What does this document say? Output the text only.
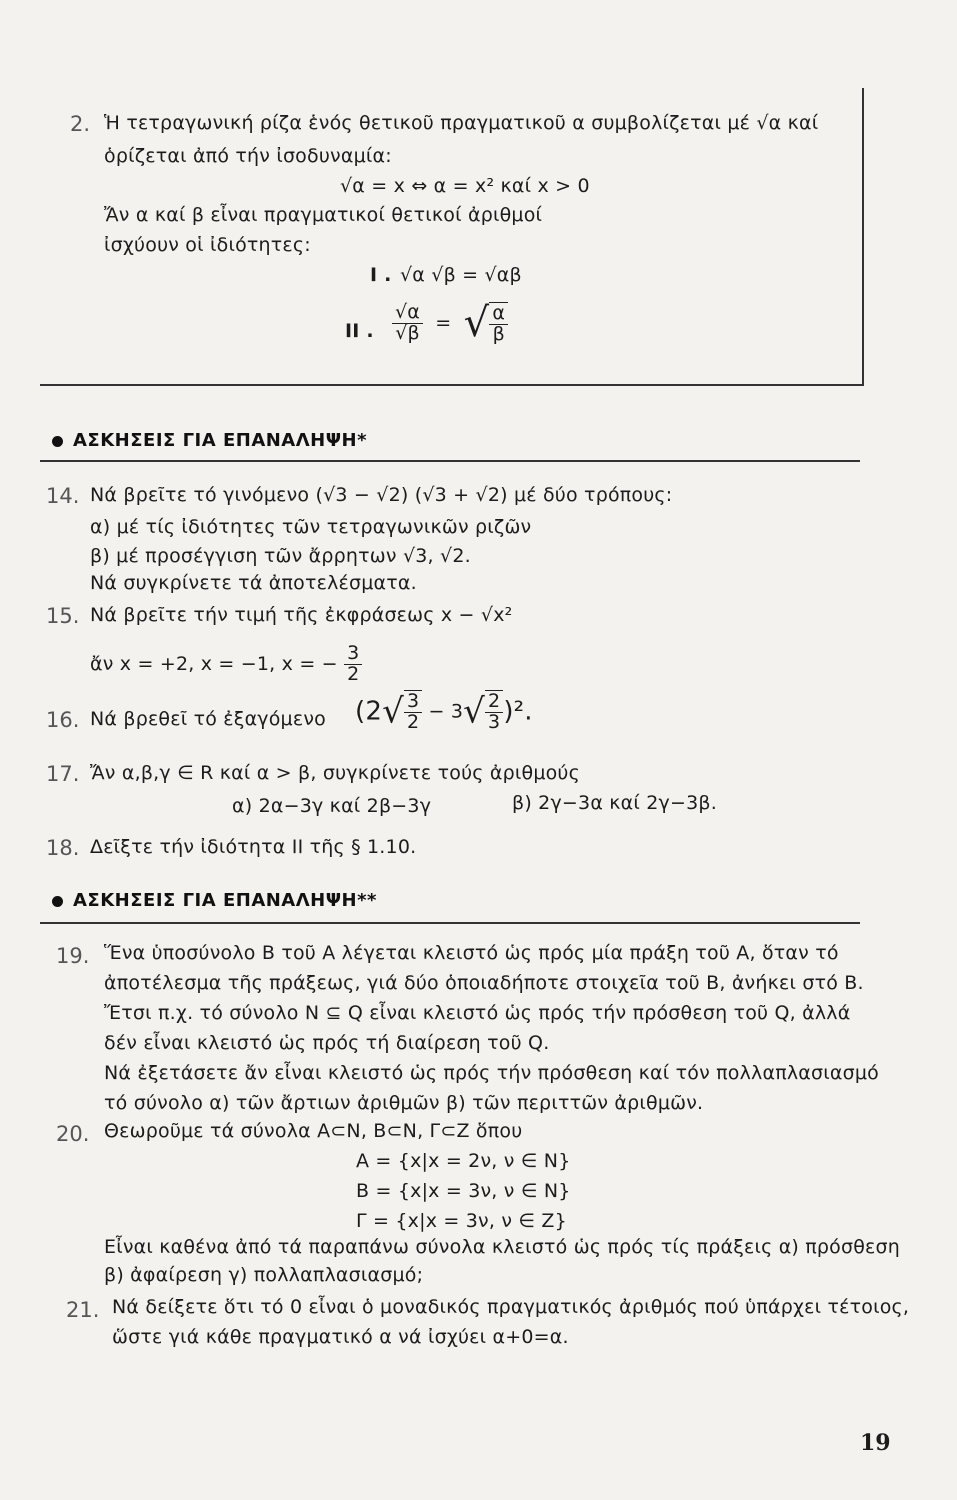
2. Ἡ τετραγωνική ρίζα ἑνός θετικοῦ πραγματικοῦ α συμβολίζεται μέ √α καί
ὁρίζεται ἀπό τήν ἰσοδυναμία:
√α = x ⇔ α = x² καί x > 0
Ἄν α καί β εἶναι πραγματικοί θετικοί ἀριθμοί
ἰσχύουν οἱ ἰδιότητες:
Ι . √α √β = √αβ
ΙΙ . $\frac{√\alpha}{√\beta}$ = √ $\frac{\alpha}{\beta}$
ΑΣΚΗΣΕΙΣ ΓΙΑ ΕΠΑΝΑΛΗΨΗ*
14. Νά βρεῖτε τό γινόμενο (√3 − √2) (√3 + √2) μέ δύο τρόπους:
α) μέ τίς ἰδιότητες τῶν τετραγωνικῶν ριζῶν
β) μέ προσέγγιση τῶν ἄρρητων √3, √2.
Νά συγκρίνετε τά ἀποτελέσματα.
15. Νά βρεῖτε τήν τιμή τῆς ἐκφράσεως x − √x²
ἄν x = +2, x = −1, x = − $\frac{3}{2}$
16. Νά βρεθεῖ τό ἐξαγόμενο $(2√ \frac{3}{2} - 3√ \frac{2}{3} )^2$.
17. Ἄν α,β,γ ∈ R καί α > β, συγκρίνετε τούς ἀριθμούς
α) 2α−3γ καί 2β−3γ	β) 2γ−3α καί 2γ−3β.
18. Δεῖξτε τήν ἰδιότητα ΙΙ τῆς § 1.10.
ΑΣΚΗΣΕΙΣ ΓΙΑ ΕΠΑΝΑΛΗΨΗ**
19. Ἕνα ὑποσύνολο Β τοῦ Α λέγεται κλειστό ὡς πρός μία πράξη τοῦ Α, ὅταν τό
ἀποτέλεσμα τῆς πράξεως, γιά δύο ὁποιαδήποτε στοιχεῖα τοῦ Β, ἀνήκει στό Β.
Ἔτσι π.χ. τό σύνολο Ν ⊆ Q εἶναι κλειστό ὡς πρός τήν πρόσθεση τοῦ Q, ἀλλά
δέν εἶναι κλειστό ὡς πρός τή διαίρεση τοῦ Q.
Νά ἐξετάσετε ἄν εἶναι κλειστό ὡς πρός τήν πρόσθεση καί τόν πολλαπλασιασμό
τό σύνολο α) τῶν ἄρτιων ἀριθμῶν β) τῶν περιττῶν ἀριθμῶν.
20. Θεωροῦμε τά σύνολα Α⊂Ν, Β⊂Ν, Γ⊂Ζ ὅπου
Α = {x|x = 2ν, ν ∈ Ν}
Β = {x|x = 3ν, ν ∈ Ν}
Γ = {x|x = 3ν, ν ∈ Ζ}
Εἶναι καθένα ἀπό τά παραπάνω σύνολα κλειστό ὡς πρός τίς πράξεις α) πρόσθεση
β) ἀφαίρεση γ) πολλαπλασιασμό;
21. Νά δείξετε ὅτι τό 0 εἶναι ὁ μοναδικός πραγματικός ἀριθμός πού ὑπάρχει τέτοιος,
ὥστε γιά κάθε πραγματικό α νά ἰσχύει α+0=α.
19
